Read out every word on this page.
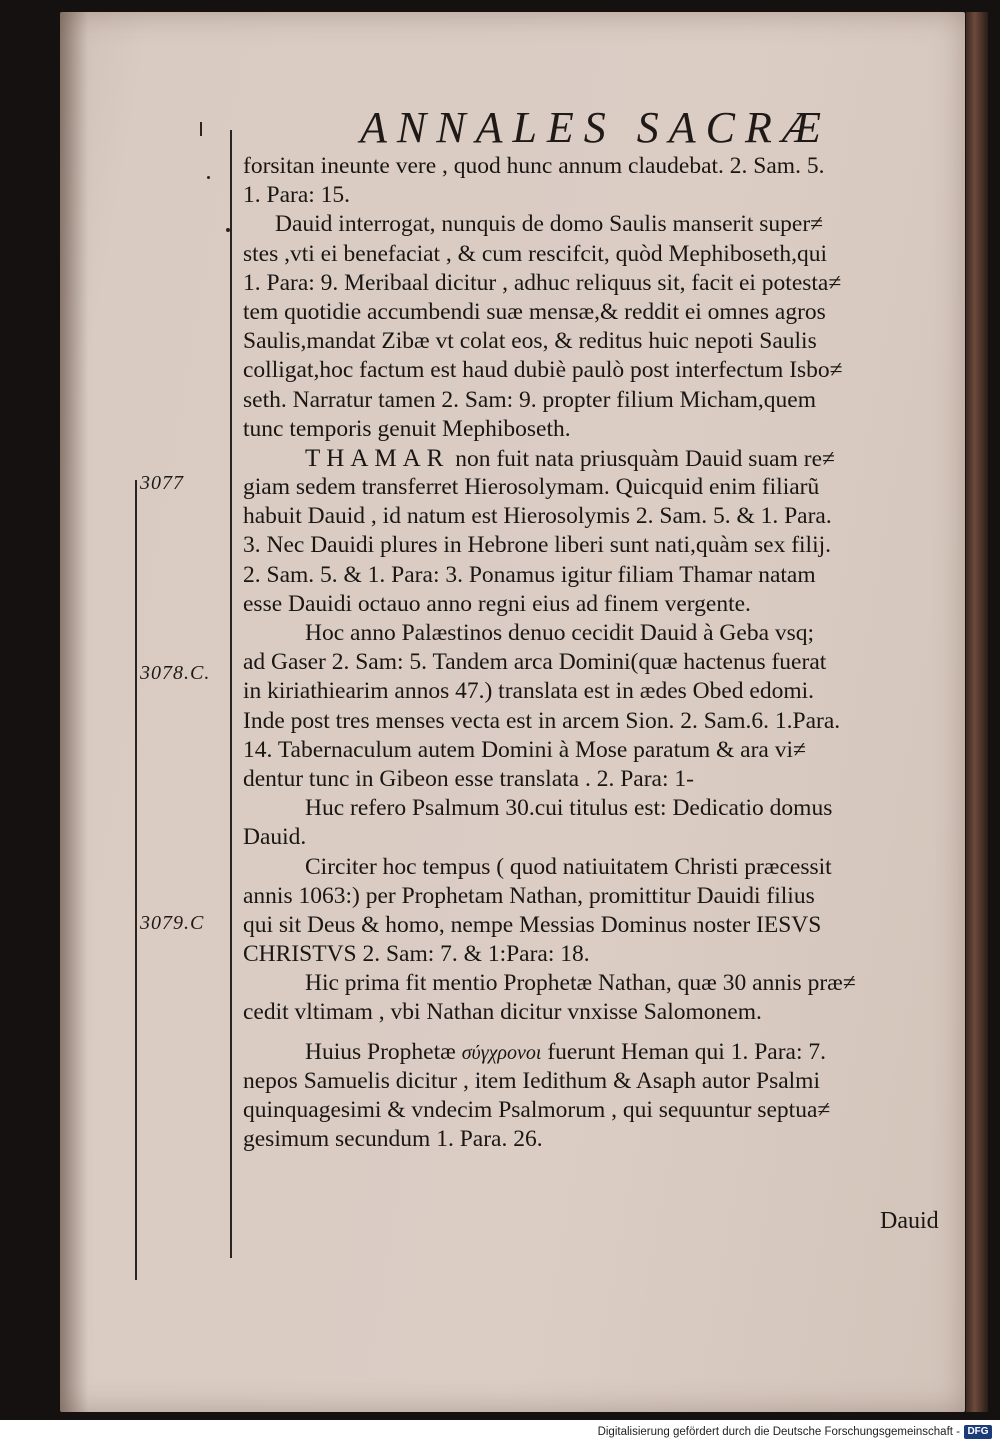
ANNALES SACRÆ
3077
3078.C.
3079.C
forsitan ineunte vere , quod hunc annum claudebat. 2. Sam. 5.
1. Para: 15.
Dauid interrogat, nunquis de domo Saulis manserit super≠
stes ,vti ei benefaciat , & cum rescifcit, quòd Mephiboseth,qui
1. Para: 9. Meribaal dicitur , adhuc reliquus sit, facit ei potesta≠
tem quotidie accumbendi suæ mensæ,& reddit ei omnes agros
Saulis,mandat Zibæ vt colat eos, & reditus huic nepoti Saulis
colligat,hoc factum est haud dubiè paulò post interfectum Isbo≠
seth. Narratur tamen 2. Sam: 9. propter filium Micham,quem
tunc temporis genuit Mephiboseth.
THAMAR non fuit nata priusquàm Dauid suam re≠
giam sedem transferret Hierosolymam. Quicquid enim filiarũ
habuit Dauid , id natum est Hierosolymis 2. Sam. 5. & 1. Para.
3. Nec Dauidi plures in Hebrone liberi sunt nati,quàm sex filij.
2. Sam. 5. & 1. Para: 3. Ponamus igitur filiam Thamar natam
esse Dauidi octauo anno regni eius ad finem vergente.
Hoc anno Palæstinos denuo cecidit Dauid à Geba vsq;
ad Gaser 2. Sam: 5. Tandem arca Domini(quæ hactenus fuerat
in kiriathiearim annos 47.) translata est in ædes Obed edomi.
Inde post tres menses vecta est in arcem Sion. 2. Sam.6. 1.Para.
14. Tabernaculum autem Domini à Mose paratum & ara vi≠
dentur tunc in Gibeon esse translata . 2. Para: 1-
Huc refero Psalmum 30.cui titulus est: Dedicatio domus
Dauid.
Circiter hoc tempus ( quod natiuitatem Christi præcessit
annis 1063:) per Prophetam Nathan, promittitur Dauidi filius
qui sit Deus & homo, nempe Messias Dominus noster IESVS
CHRISTVS 2. Sam: 7. & 1:Para: 18.
Hic prima fit mentio Prophetæ Nathan, quæ 30 annis præ≠
cedit vltimam , vbi Nathan dicitur vnxisse Salomonem.
Huius Prophetæ σύγχρονοι fuerunt Heman qui 1. Para: 7.
nepos Samuelis dicitur , item Iedithum & Asaph autor Psalmi
quinquagesimi & vndecim Psalmorum , qui sequuntur septua≠
gesimum secundum 1. Para. 26.
Dauid
Digitalisierung gefördert durch die Deutsche Forschungsgemeinschaft - DFG
